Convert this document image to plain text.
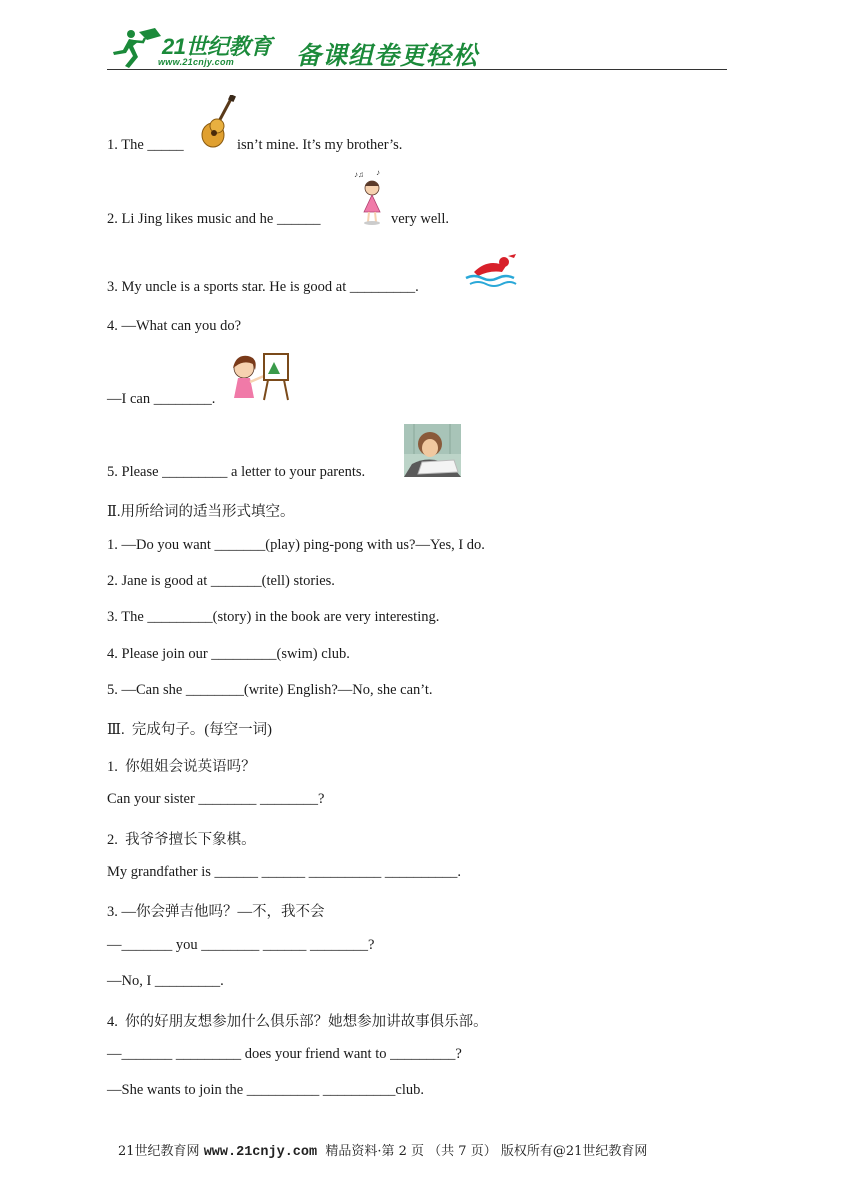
21世纪教育
www.21cnjy.com 备课组卷更轻松
1. The _____	isn’t mine. It’s my brother’s.
2. Li Jing likes music and he ______	very well.
♪♫ ♪
3. My uncle is a sports star. He is good at _________.
4. —What can you do?
—I can ________.
5. Please _________ a letter to your parents.
Ⅱ.用所给词的适当形式填空。
1. —Do you want _______(play) ping-pong with us?—Yes, I do.
2. Jane is good at _______(tell) stories.
3. The _________(story) in the book are very interesting.
4. Please join our _________(swim) club.
5. —Can she ________(write) English?—No, she can’t.
Ⅲ.  完成句子。(每空一词)
1.  你姐姐会说英语吗？
Can your sister ________ ________?
2.  我爷爷擅长下象棋。
My grandfather is ______ ______ __________ __________.
3. —你会弹吉他吗？—不，我不会
—_______ you ________ ______ ________?
—No, I _________.
4.  你的好朋友想参加什么俱乐部？她想参加讲故事俱乐部。
—_______ _________ does your friend want to _________?
—She wants to join the __________ __________club.
21世纪教育网 www.21cnjy.com  精品资料·第 2 页 （共 7 页） 版权所有@21世纪教育网
